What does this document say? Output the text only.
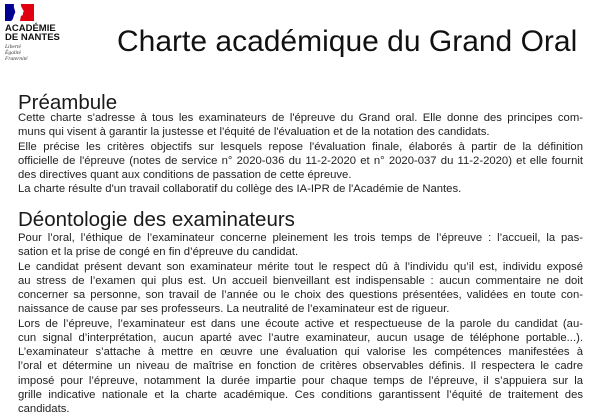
ACADÉMIE
DE NANTES
Liberté
Égalité
Fraternité
Charte académique du Grand Oral
Préambule
Cette charte s'adresse à tous les examinateurs de l'épreuve du Grand oral. Elle donne des principes com-
muns qui visent à garantir la justesse et l'équité de l'évaluation et de la notation des candidats.
Elle précise les critères objectifs sur lesquels repose l'évaluation finale, élaborés à partir de la définition
officielle de l'épreuve (notes de service n° 2020-036 du 11-2-2020 et n° 2020-037 du 11-2-2020) et elle fournit
des directives quant aux conditions de passation de cette épreuve.
La charte résulte d'un travail collaboratif du collège des IA-IPR de l'Académie de Nantes.
Déontologie des examinateurs
Pour l’oral, l’éthique de l’examinateur concerne pleinement les trois temps de l’épreuve : l’accueil, la pas-
sation et la prise de congé en fin d’épreuve du candidat.
Le candidat présent devant son examinateur mérite tout le respect dû à l’individu qu’il est, individu exposé
au stress de l’examen qui plus est. Un accueil bienveillant est indispensable : aucun commentaire ne doit
concerner sa personne, son travail de l’année ou le choix des questions présentées, validées en toute con-
naissance de cause par ses professeurs. La neutralité de l’examinateur est de rigueur.
Lors de l’épreuve, l’examinateur est dans une écoute active et respectueuse de la parole du candidat (au-
cun signal d’interprétation, aucun aparté avec l’autre examinateur, aucun usage de téléphone portable...).
L’examinateur s’attache à mettre en œuvre une évaluation qui valorise les compétences manifestées à
l’oral et détermine un niveau de maîtrise en fonction de critères observables définis. Il respectera le cadre
imposé pour l’épreuve, notamment la durée impartie pour chaque temps de l’épreuve, il s’appuiera sur la
grille indicative nationale et la charte académique. Ces conditions garantissent l’équité de traitement des
candidats.
